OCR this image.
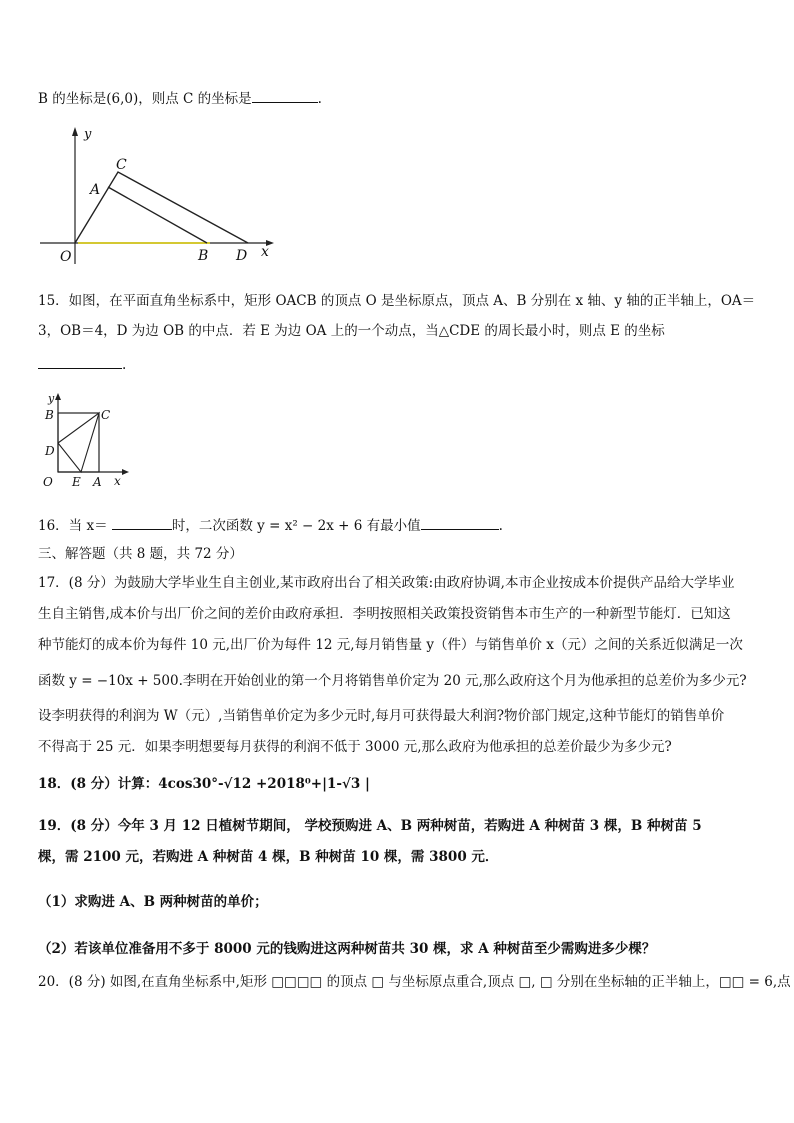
B 的坐标是(6,0)，则点 C 的坐标是	.
y
x
O
A
C
B D
15．如图，在平面直角坐标系中，矩形 OACB 的顶点 O 是坐标原点，顶点 A、B 分别在 x 轴、y 轴的正半轴上，OA＝
3，OB＝4，D 为边 OB 的中点．若 E 为边 OA 上的一个动点，当△CDE 的周长最小时，则点 E 的坐标
.
y
x
B	C
D
O E A
16．当 x＝	时，二次函数 y = x² − 2x + 6 有最小值	.
三、解答题（共 8 题，共 72 分）
17．(8 分）为鼓励大学毕业生自主创业,某市政府出台了相关政策:由政府协调,本市企业按成本价提供产品给大学毕业
生自主销售,成本价与出厂价之间的差价由政府承担．李明按照相关政策投资销售本市生产的一种新型节能灯．已知这
种节能灯的成本价为每件 10 元,出厂价为每件 12 元,每月销售量 y（件）与销售单价 x（元）之间的关系近似满足一次
函数 y = −10x + 500.李明在开始创业的第一个月将销售单价定为 20 元,那么政府这个月为他承担的总差价为多少元?
设李明获得的利润为 W（元）,当销售单价定为多少元时,每月可获得最大利润?物价部门规定,这种节能灯的销售单价
不得高于 25 元．如果李明想要每月获得的利润不低于 3000 元,那么政府为他承担的总差价最少为多少元?
18．(8 分）计算：4cos30°-√12 +2018⁰+|1-√3 |
19．(8 分）今年 3 月 12 日植树节期间， 学校预购进 A、B 两种树苗，若购进 A 种树苗 3 棵，B 种树苗 5
棵，需 2100 元，若购进 A 种树苗 4 棵，B 种树苗 10 棵，需 3800 元．
（1）求购进 A、B 两种树苗的单价；
（2）若该单位准备用不多于 8000 元的钱购进这两种树苗共 30 棵，求 A 种树苗至少需购进多少棵？
20．(8 分) 如图,在直角坐标系中,矩形 □□□□ 的顶点 □ 与坐标原点重合,顶点 □, □ 分别在坐标轴的正半轴上，□□ = 6,点
